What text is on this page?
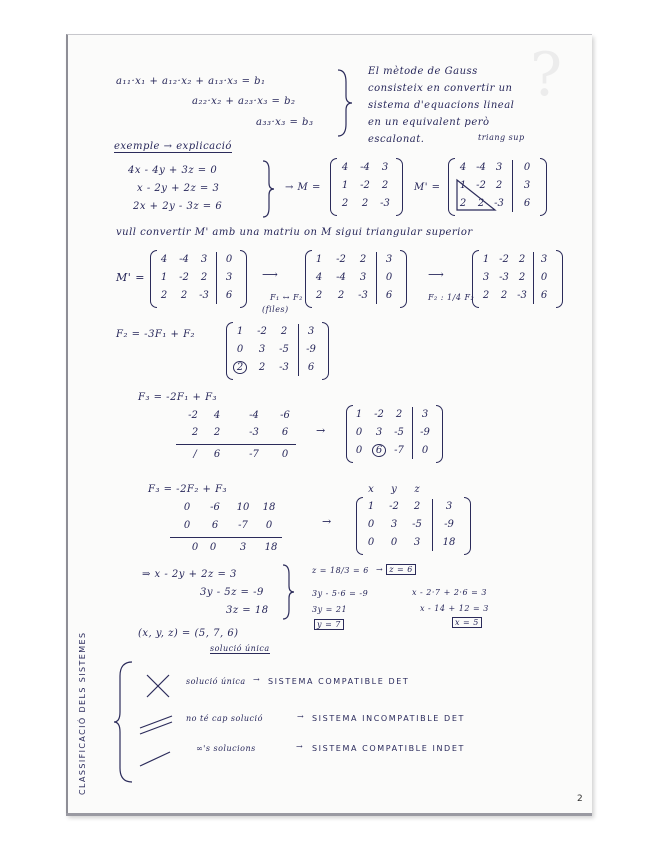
?
a₁₁·x₁ + a₁₂·x₂ + a₁₃·x₃ = b₁
a₂₂·x₂ + a₂₃·x₃ = b₂
a₃₃·x₃ = b₃
El mètode de Gauss
consisteix en convertir un
sistema d'equacions lineal
en un equivalent però
escalonat.	triang sup
exemple → explicació
4x - 4y + 3z = 0
x - 2y + 2z = 3
2x + 2y - 3z = 6
→ M =
4	-4	3
1	-2	2
2	2	-3
M' =
4 -4 3	0
1 -2 2	3
2	2 -3	6
vull convertir M' amb una matriu on M sigui triangular superior
M' =
4	-4	3	0
1	-2	2	3
2	2	-3	6
⟶
F₁ ↔ F₂
(files)
1	-2	2	3
4	-4	3	0
2	2	-3	6
⟶
F₂ : 1/4 F₂
1 -2 2	3
3 -3 2	0
2	2 -3	6
F₂ = -3F₁ + F₂	1	-2	2	3
0	3	-5	-9
2	2	-3	6
F₃ = -2F₁ + F₃
-2	4	-4	-6
2	2	-3	6
/	6	-7	0
→
1	-2	2	3
0	3	-5	-9
0	6	-7	0
F₃ = -2F₂ + F₃
0	-6	10 18
0	6	-7	0
0	0	3	18
→
x	y	z
1	-2	2	3
0	3	-5	-9
0	0	3	18
⇒ x - 2y + 2z = 3
3y - 5z = -9
3z = 18
z = 18/3 = 6 → z = 6
3y - 5·6 = -9
3y = 21
y = 7
x - 2·7 + 2·6 = 3
x - 14 + 12 = 3
x = 5
(x, y, z) = (5, 7, 6)
solució única
CLASSIFICACIÓ DELS SISTEMES	solució única → SISTEMA COMPATIBLE DET
no té cap solució	→ SISTEMA INCOMPATIBLE DET
∞'s solucions	→ SISTEMA COMPATIBLE INDET
2
